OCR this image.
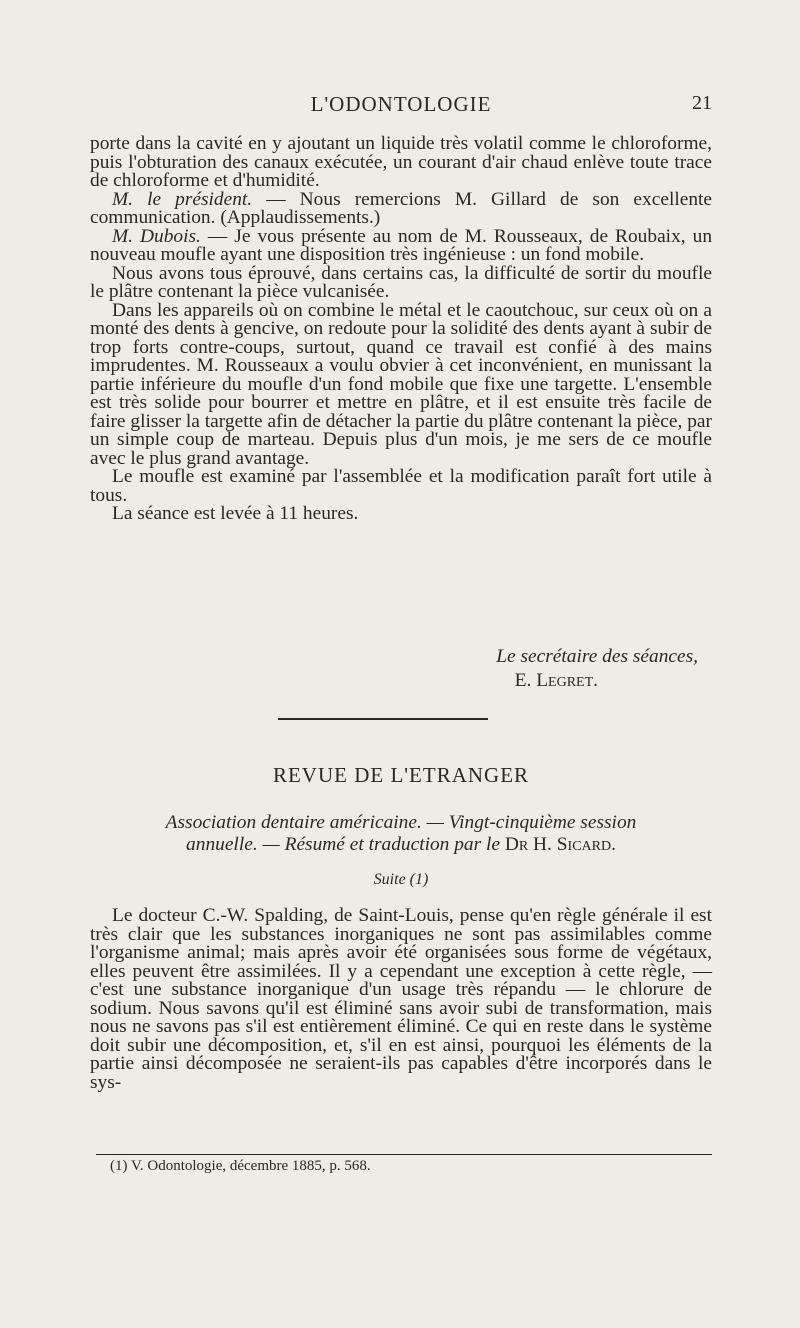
L'ODONTOLOGIE	21

porte dans la cavité en y ajoutant un liquide très volatil comme le chloroforme, puis l'obturation des canaux exécutée, un courant d'air chaud enlève toute trace de chloroforme et d'humidité.

M. le président. — Nous remercions M. Gillard de son excellente communication. (Applaudissements.)

M. Dubois. — Je vous présente au nom de M. Rousseaux, de Roubaix, un nouveau moufle ayant une disposition très ingénieuse : un fond mobile.

Nous avons tous éprouvé, dans certains cas, la difficulté de sortir du moufle le plâtre contenant la pièce vulcanisée.

Dans les appareils où on combine le métal et le caoutchouc, sur ceux où on a monté des dents à gencive, on redoute pour la solidité des dents ayant à subir de trop forts contre-coups, surtout, quand ce travail est confié à des mains imprudentes. M. Rousseaux a voulu obvier à cet inconvénient, en munissant la partie inférieure du moufle d'un fond mobile que fixe une targette. L'ensemble est très solide pour bourrer et mettre en plâtre, et il est ensuite très facile de faire glisser la targette afin de détacher la partie du plâtre contenant la pièce, par un simple coup de marteau. Depuis plus d'un mois, je me sers de ce moufle avec le plus grand avantage.

Le moufle est examiné par l'assemblée et la modification paraît fort utile à tous.

La séance est levée à 11 heures.

Le secrétaire des séances,
E. Legret.
REVUE DE L'ETRANGER
Association dentaire américaine. — Vingt-cinquième session
annuelle. — Résumé et traduction par le Dr H. Sicard.
Suite (1)

Le docteur C.-W. Spalding, de Saint-Louis, pense qu'en règle générale il est très clair que les substances inorganiques ne sont pas assimilables comme l'organisme animal; mais après avoir été organisées sous forme de végétaux, elles peuvent être assimilées. Il y a cependant une exception à cette règle, — c'est une substance inorganique d'un usage très répandu — le chlorure de sodium. Nous savons qu'il est éliminé sans avoir subi de transformation, mais nous ne savons pas s'il est entièrement éliminé. Ce qui en reste dans le système doit subir une décomposition, et, s'il en est ainsi, pourquoi les éléments de la partie ainsi décomposée ne seraient-ils pas capables d'être incorporés dans le sys-

(1) V. Odontologie, décembre 1885, p. 568.
